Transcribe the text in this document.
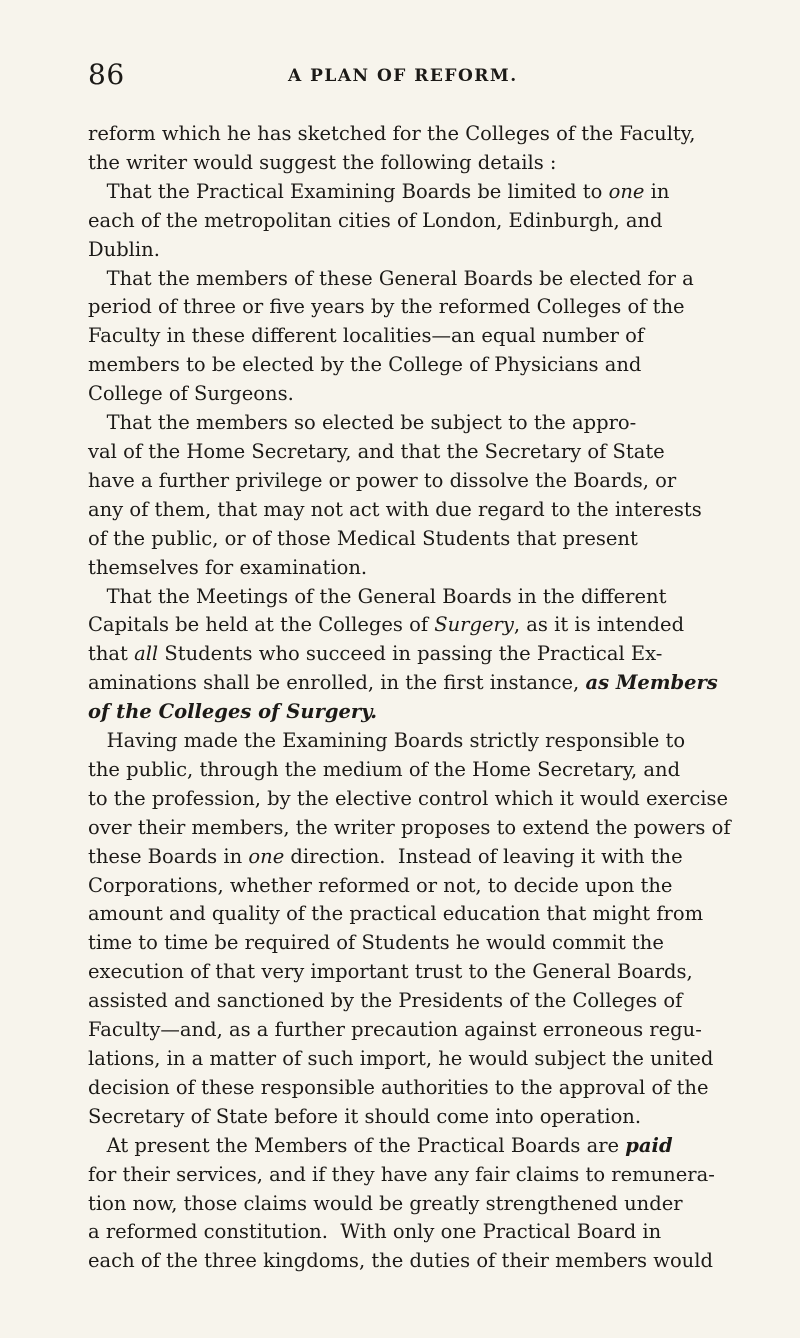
86	A PLAN OF REFORM.
reform which he has sketched for the Colleges of the Faculty,
the writer would suggest the following details :
That the Practical Examining Boards be limited to one in
each of the metropolitan cities of London, Edinburgh, and
Dublin.
That the members of these General Boards be elected for a
period of three or five years by the reformed Colleges of the
Faculty in these different localities—an equal number of
members to be elected by the College of Physicians and
College of Surgeons.
That the members so elected be subject to the appro-
val of the Home Secretary, and that the Secretary of State
have a further privilege or power to dissolve the Boards, or
any of them, that may not act with due regard to the interests
of the public, or of those Medical Students that present
themselves for examination.
That the Meetings of the General Boards in the different
Capitals be held at the Colleges of Surgery, as it is intended
that all Students who succeed in passing the Practical Ex-
aminations shall be enrolled, in the first instance, as Members
of the Colleges of Surgery.
Having made the Examining Boards strictly responsible to
the public, through the medium of the Home Secretary, and
to the profession, by the elective control which it would exercise
over their members, the writer proposes to extend the powers of
these Boards in one direction.  Instead of leaving it with the
Corporations, whether reformed or not, to decide upon the
amount and quality of the practical education that might from
time to time be required of Students he would commit the
execution of that very important trust to the General Boards,
assisted and sanctioned by the Presidents of the Colleges of
Faculty—and, as a further precaution against erroneous regu-
lations, in a matter of such import, he would subject the united
decision of these responsible authorities to the approval of the
Secretary of State before it should come into operation.
At present the Members of the Practical Boards are paid
for their services, and if they have any fair claims to remunera-
tion now, those claims would be greatly strengthened under
a reformed constitution.  With only one Practical Board in
each of the three kingdoms, the duties of their members would
